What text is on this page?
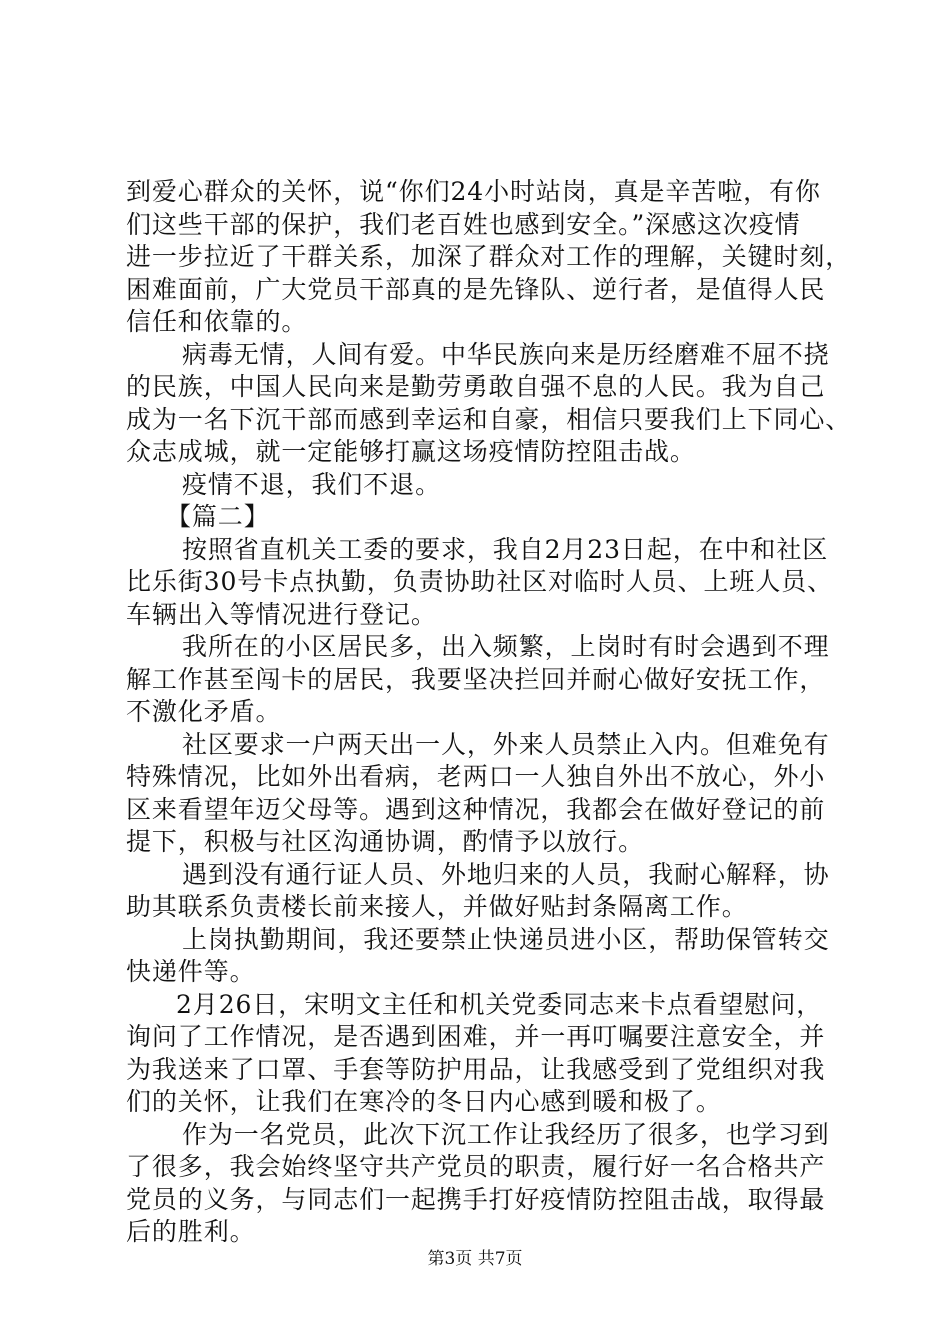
到爱心群众的关怀，说“你们24小时站岗，真是辛苦啦，有你
们这些干部的保护，我们老百姓也感到安全。”深感这次疫情
进一步拉近了干群关系，加深了群众对工作的理解，关键时刻，
困难面前，广大党员干部真的是先锋队、逆行者，是值得人民
信任和依靠的。
病毒无情，人间有爱。中华民族向来是历经磨难不屈不挠
的民族，中国人民向来是勤劳勇敢自强不息的人民。我为自己
成为一名下沉干部而感到幸运和自豪，相信只要我们上下同心、
众志成城，就一定能够打赢这场疫情防控阻击战。
疫情不退，我们不退。
【篇二】
按照省直机关工委的要求，我自2月23日起，在中和社区
比乐街30号卡点执勤，负责协助社区对临时人员、上班人员、
车辆出入等情况进行登记。
我所在的小区居民多，出入频繁，上岗时有时会遇到不理
解工作甚至闯卡的居民，我要坚决拦回并耐心做好安抚工作，
不激化矛盾。
社区要求一户两天出一人，外来人员禁止入内。但难免有
特殊情况，比如外出看病，老两口一人独自外出不放心，外小
区来看望年迈父母等。遇到这种情况，我都会在做好登记的前
提下，积极与社区沟通协调，酌情予以放行。
遇到没有通行证人员、外地归来的人员，我耐心解释，协
助其联系负责楼长前来接人，并做好贴封条隔离工作。
上岗执勤期间，我还要禁止快递员进小区，帮助保管转交
快递件等。
2月26日，宋明文主任和机关党委同志来卡点看望慰问，
询问了工作情况，是否遇到困难，并一再叮嘱要注意安全，并
为我送来了口罩、手套等防护用品，让我感受到了党组织对我
们的关怀，让我们在寒冷的冬日内心感到暖和极了。
作为一名党员，此次下沉工作让我经历了很多，也学习到
了很多，我会始终坚守共产党员的职责，履行好一名合格共产
党员的义务，与同志们一起携手打好疫情防控阻击战，取得最
后的胜利。
第3页 共7页
